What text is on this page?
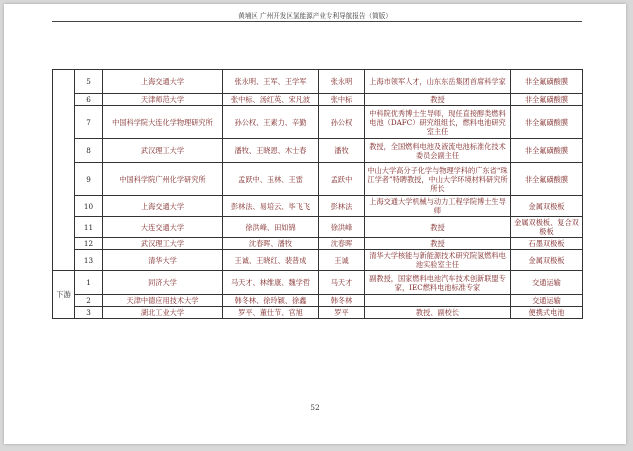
黄埔区 广州开发区氢能源产业专利导航报告（简版）
	5	上海交通大学	张永明、王军、王学军	张永明	上海市领军人才，山东东岳集团首席科学家	非全氟磺酸膜
	6	天津师范大学	张中标、汤红英、宋凡波	张中标	教授	非全氟磺酸膜
	7	中国科学院大连化学物理研究所	孙公权、王素力、辛勤	孙公权	中科院优秀博士生导师，现任直接醇类燃料电池（DAFC）研究组组长，燃料电池研究室主任	非全氟磺酸膜
	8	武汉理工大学	潘牧、王晓恩、木士春	潘牧	教授，全国燃料电池及液流电池标准化技术委员会副主任	非全氟磺酸膜
	9	中国科学院广州化学研究所	孟跃中、玉林、王雷	孟跃中	中山大学高分子化学与物理学科的广东省“珠江学者”特聘教授，中山大学环境材料研究所所长	非全氟磺酸膜
	10	上海交通大学	彭林法、易培云、毕飞飞	彭林法	上海交通大学机械与动力工程学院博士生导师	金属双极板
	11	大连交通大学	徐洪峰、田如锦	徐洪峰	教授	金属双极板、复合双极板
	12	武汉理工大学	沈春晖、潘牧	沈春晖	教授	石墨双极板
	13	清华大学	王诚、王晓红、裴普成	王诚	清华大学核能与新能源技术研究院氢燃料电池实验室主任	金属双极板
下游	1	同济大学	马天才、林维康、魏学哲	马天才	副教授，国家燃料电池汽车技术创新联盟专家，IEC燃料电池标准专家	交通运输
	2	天津中德应用技术大学	韩冬林、徐玲颖、徐鑫	韩冬林		交通运输
	3	湖北工业大学	罗平、董仕节、官旭	罗平	教授、副校长	便携式电池
52
